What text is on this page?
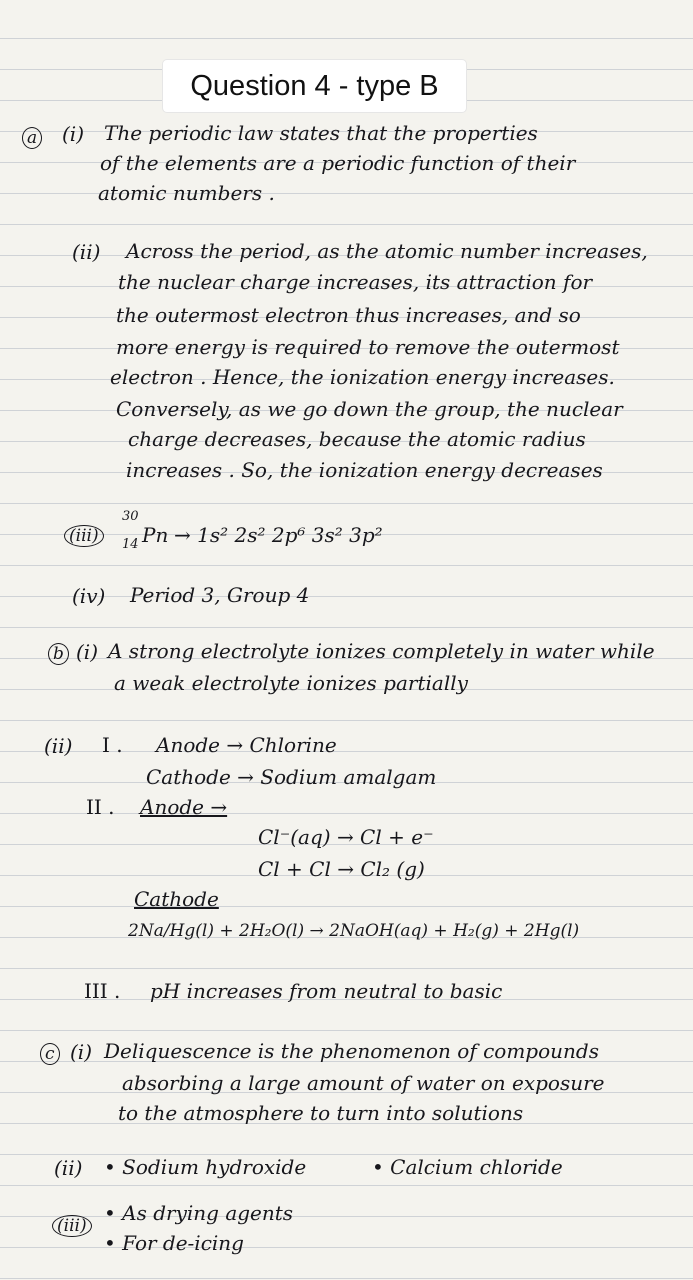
Question 4 - type B
a (i) The periodic law states that the properties
of the elements are a periodic function of their
atomic numbers .
(ii) Across the period, as the atomic number increases,
the nuclear charge increases, its attraction for
the outermost electron thus increases, and so
more energy is required to remove the outermost
electron . Hence, the ionization energy increases.
Conversely, as we go down the group, the nuclear
charge decreases, because the atomic radius
increases . So, the ionization energy decreases
(iii)
30
14 Pn → 1s² 2s² 2p⁶ 3s² 3p²
(iv) Period 3, Group 4
b (i) A strong electrolyte ionizes completely in water while
a weak electrolyte ionizes partially
(ii) I . Anode → Chlorine
Cathode → Sodium amalgam
II . Anode →
Cl⁻(aq) → Cl + e⁻
Cl + Cl → Cl₂ (g)
Cathode
2Na/Hg(l) + 2H₂O(l) → 2NaOH(aq) + H₂(g) + 2Hg(l)
III . pH increases from neutral to basic
c (i) Deliquescence is the phenomenon of compounds
absorbing a large amount of water on exposure
to the atmosphere to turn into solutions
(ii) • Sodium hydroxide	• Calcium chloride
(iii)
• As drying agents
• For de-icing
